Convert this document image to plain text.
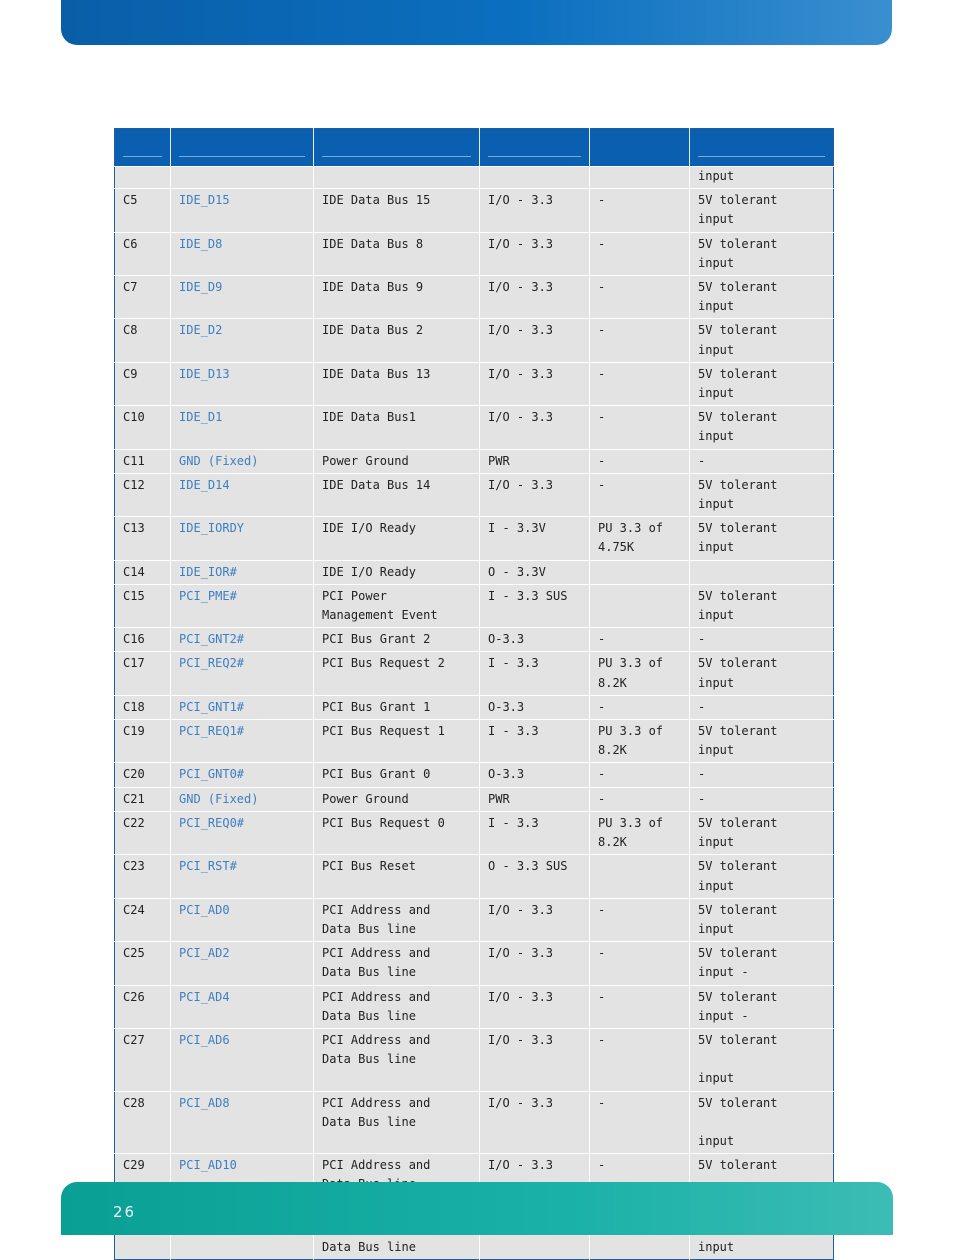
					input
C5	IDE_D15	IDE Data Bus 15	I/O - 3.3	-	5V tolerant
input
C6	IDE_D8	IDE Data Bus 8	I/O - 3.3	-	5V tolerant
input
C7	IDE_D9	IDE Data Bus 9	I/O - 3.3	-	5V tolerant
input
C8	IDE_D2	IDE Data Bus 2	I/O - 3.3	-	5V tolerant
input
C9	IDE_D13	IDE Data Bus 13	I/O - 3.3	-	5V tolerant
input
C10	IDE_D1	IDE Data Bus1	I/O - 3.3	-	5V tolerant
input
C11	GND (Fixed)	Power Ground	PWR	-	-
C12	IDE_D14	IDE Data Bus 14	I/O - 3.3	-	5V tolerant
input
C13	IDE_IORDY	IDE I/O Ready	I - 3.3V	PU 3.3 of
4.75K	5V tolerant
input
C14	IDE_IOR#	IDE I/O Ready	O - 3.3V		
C15	PCI_PME#	PCI Power
Management Event	I - 3.3 SUS		5V tolerant
input
C16	PCI_GNT2#	PCI Bus Grant 2	O-3.3	-	-
C17	PCI_REQ2#	PCI Bus Request 2	I - 3.3	PU 3.3 of
8.2K	5V tolerant
input
C18	PCI_GNT1#	PCI Bus Grant 1	O-3.3	-	-
C19	PCI_REQ1#	PCI Bus Request 1	I - 3.3	PU 3.3 of
8.2K	5V tolerant
input
C20	PCI_GNT0#	PCI Bus Grant 0	O-3.3	-	-
C21	GND (Fixed)	Power Ground	PWR	-	-
C22	PCI_REQ0#	PCI Bus Request 0	I - 3.3	PU 3.3 of
8.2K	5V tolerant
input
C23	PCI_RST#	PCI Bus Reset	O - 3.3 SUS		5V tolerant
input
C24	PCI_AD0	PCI Address and
Data Bus line	I/O - 3.3	-	5V tolerant
input
C25	PCI_AD2	PCI Address and
Data Bus line	I/O - 3.3	-	5V tolerant
input -
C26	PCI_AD4	PCI Address and
Data Bus line	I/O - 3.3	-	5V tolerant
input -
C27	PCI_AD6	PCI Address and
Data Bus line	I/O - 3.3	-	5V tolerant

input
C28	PCI_AD8	PCI Address and
Data Bus line	I/O - 3.3	-	5V tolerant

input
C29	PCI_AD10	PCI Address and	I/O - 3.3	-	5V tolerant

Data Bus line			
input
26
